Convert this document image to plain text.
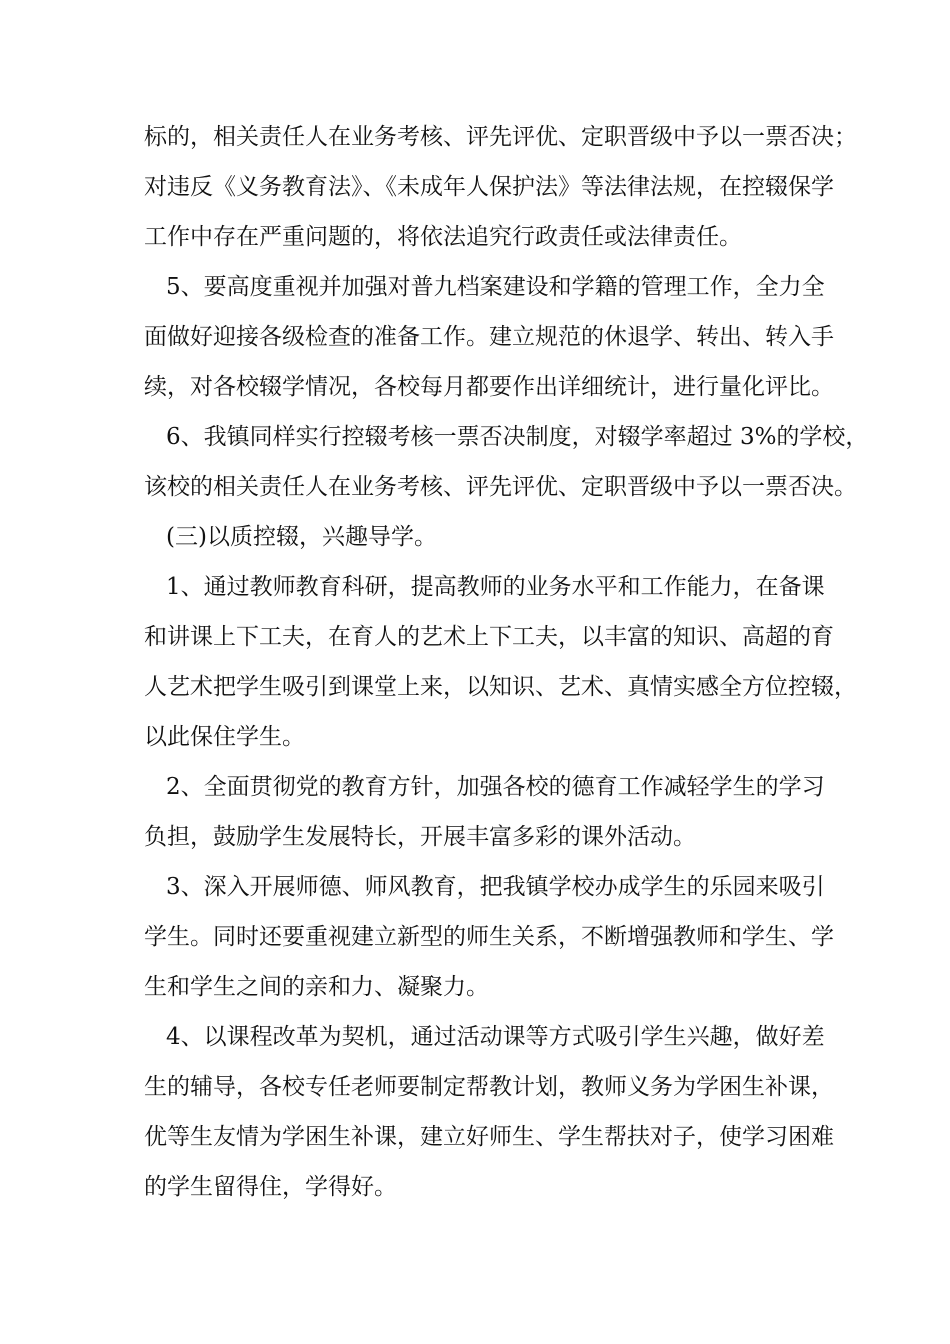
标的，相关责任人在业务考核、评先评优、定职晋级中予以一票否决；
对违反《义务教育法》、《未成年人保护法》等法律法规，在控辍保学
工作中存在严重问题的，将依法追究行政责任或法律责任。
5、要高度重视并加强对普九档案建设和学籍的管理工作，全力全
面做好迎接各级检查的准备工作。建立规范的休退学、转出、转入手
续，对各校辍学情况，各校每月都要作出详细统计，进行量化评比。
6、我镇同样实行控辍考核一票否决制度，对辍学率超过 3%的学校，
该校的相关责任人在业务考核、评先评优、定职晋级中予以一票否决。
(三)以质控辍，兴趣导学。
1、通过教师教育科研，提高教师的业务水平和工作能力，在备课
和讲课上下工夫，在育人的艺术上下工夫，以丰富的知识、高超的育
人艺术把学生吸引到课堂上来，以知识、艺术、真情实感全方位控辍，
以此保住学生。
2、全面贯彻党的教育方针，加强各校的德育工作减轻学生的学习
负担，鼓励学生发展特长，开展丰富多彩的课外活动。
3、深入开展师德、师风教育，把我镇学校办成学生的乐园来吸引
学生。同时还要重视建立新型的师生关系，不断增强教师和学生、学
生和学生之间的亲和力、凝聚力。
4、以课程改革为契机，通过活动课等方式吸引学生兴趣，做好差
生的辅导，各校专任老师要制定帮教计划，教师义务为学困生补课，
优等生友情为学困生补课，建立好师生、学生帮扶对子，使学习困难
的学生留得住，学得好。
